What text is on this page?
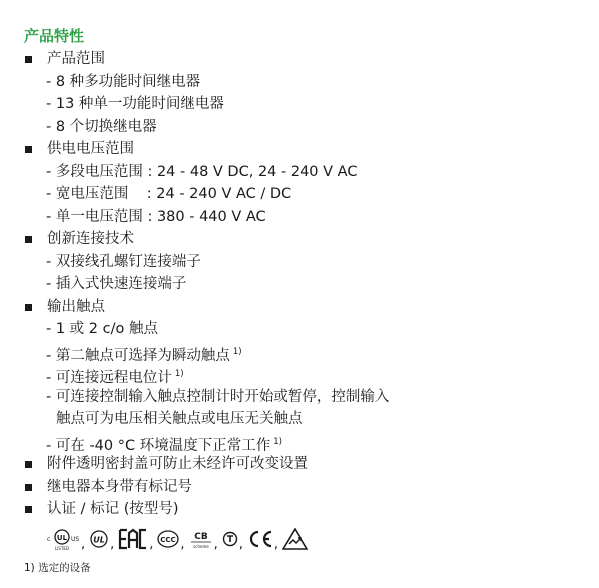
产品特性
产品范围
- 8 种多功能时间继电器
- 13 种单一功能时间继电器
- 8 个切换继电器
供电电压范围
- 多段电压范围 : 24 - 48 V DC, 24 - 240 V AC
- 宽电压范围    : 24 - 240 V AC / DC
- 单一电压范围 : 380 - 440 V AC
创新连接技术
- 双接线孔螺钉连接端子
- 插入式快速连接端子
输出触点
- 1 或 2 c/o 触点
- 第二触点可选择为瞬动触点 $^{1)}$
- 可连接远程电位计 $^{1)}$
- 可连接控制输入触点控制计时开始或暂停，控制输入
触点可为电压相关触点或电压无关触点
- 可在 -40 °C 环境温度下正常工作 $^{1)}$
附件透明密封盖可防止未经许可改变设置
继电器本身带有标记号
认证 / 标记 (按型号)
c UL US
LISTED , UL ,	, CCC , CB
scheme , , ,
1) 选定的设备
